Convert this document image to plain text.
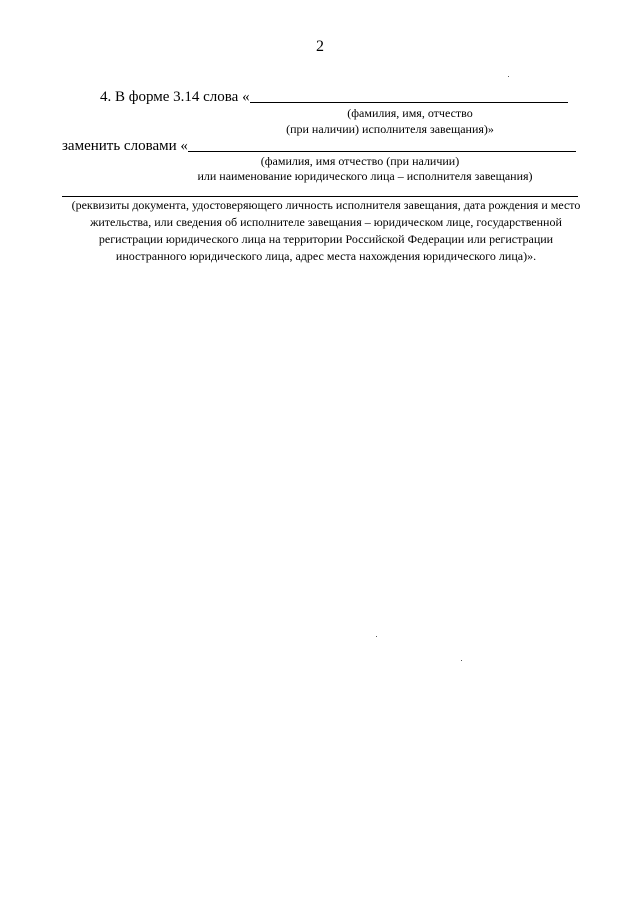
2
4. В форме 3.14 слова «
(фамилия, имя, отчество
(при наличии) исполнителя завещания)»
заменить словами «
(фамилия, имя отчество (при наличии)
или наименование юридического лица – исполнителя завещания)
(реквизиты документа, удостоверяющего личность исполнителя завещания, дата рождения и место
жительства, или сведения об исполнителе завещания – юридическом лице, государственной
регистрации юридического лица на территории Российской Федерации или регистрации
иностранного юридического лица, адрес места нахождения юридического лица)».
